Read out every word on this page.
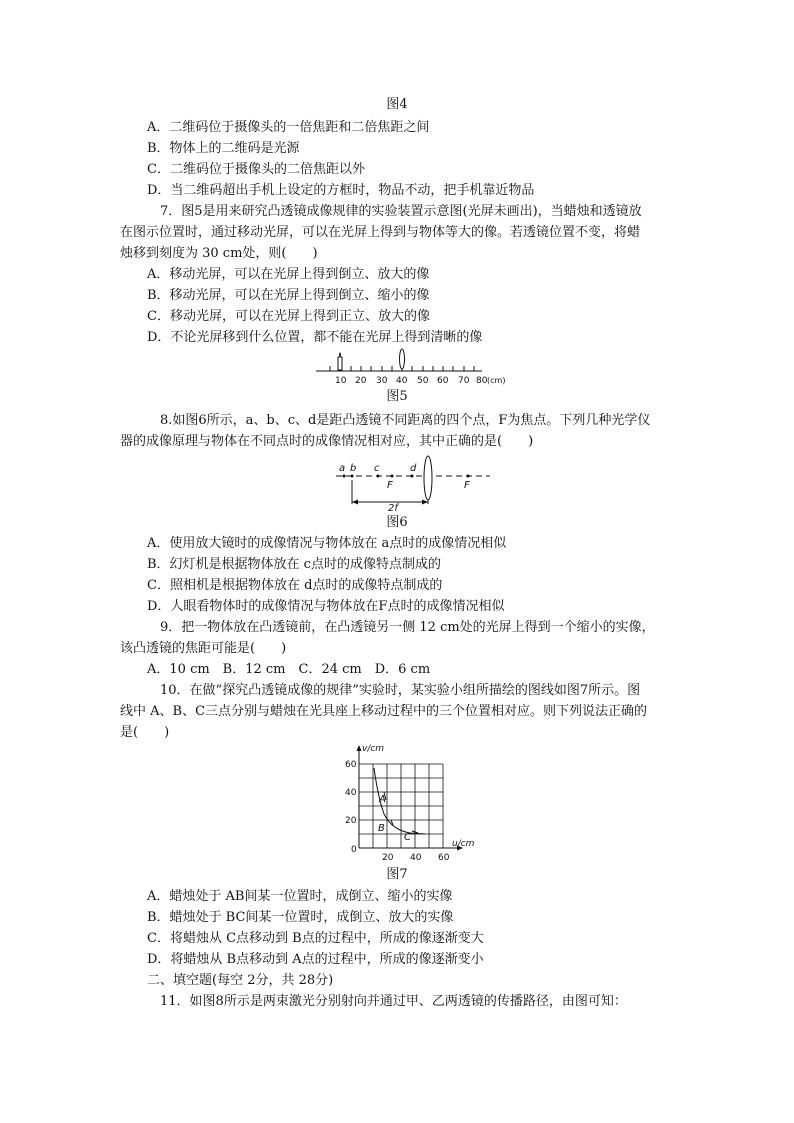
图4
A．二维码位于摄像头的一倍焦距和二倍焦距之间
B．物体上的二维码是光源
C．二维码位于摄像头的二倍焦距以外
D．当二维码超出手机上设定的方框时，物品不动，把手机靠近物品
7．图5是用来研究凸透镜成像规律的实验装置示意图(光屏未画出)，当蜡烛和透镜放
在图示位置时，通过移动光屏，可以在光屏上得到与物体等大的像。若透镜位置不变，将蜡
烛移到刻度为 30 cm处，则(　　)
A．移动光屏，可以在光屏上得到倒立、放大的像
B．移动光屏，可以在光屏上得到倒立、缩小的像
C．移动光屏，可以在光屏上得到正立、放大的像
D．不论光屏移到什么位置，都不能在光屏上得到清晰的像
10 20 30 40 50 60 70 80 (cm)
图5
8.如图6所示，a、b、c、d是距凸透镜不同距离的四个点，F为焦点。下列几种光学仪
器的成像原理与物体在不同点时的成像情况相对应，其中正确的是(　　)
a b c	d
F	F
2f
图6
A．使用放大镜时的成像情况与物体放在 a点时的成像情况相似
B．幻灯机是根据物体放在 c点时的成像特点制成的
C．照相机是根据物体放在 d点时的成像特点制成的
D．人眼看物体时的成像情况与物体放在F点时的成像情况相似
9．把一物体放在凸透镜前，在凸透镜另一侧 12 cm处的光屏上得到一个缩小的实像，
该凸透镜的焦距可能是(　　)
A．10 cm　B．12 cm　C．24 cm　D．6 cm
10．在做“探究凸透镜成像的规律”实验时，某实验小组所描绘的图线如图7所示。图
线中 A、B、C三点分别与蜡烛在光具座上移动过程中的三个位置相对应。则下列说法正确的
是(　　)
v/cm
u/cm
60
40
20
0
20 40 60
A
B
C
图7
A．蜡烛处于 AB间某一位置时，成倒立、缩小的实像
B．蜡烛处于 BC间某一位置时，成倒立、放大的实像
C．将蜡烛从 C点移动到 B点的过程中，所成的像逐渐变大
D．将蜡烛从 B点移动到 A点的过程中，所成的像逐渐变小
二、填空题(每空 2分，共 28分)
11．如图8所示是两束激光分别射向并通过甲、乙两透镜的传播路径，由图可知：
